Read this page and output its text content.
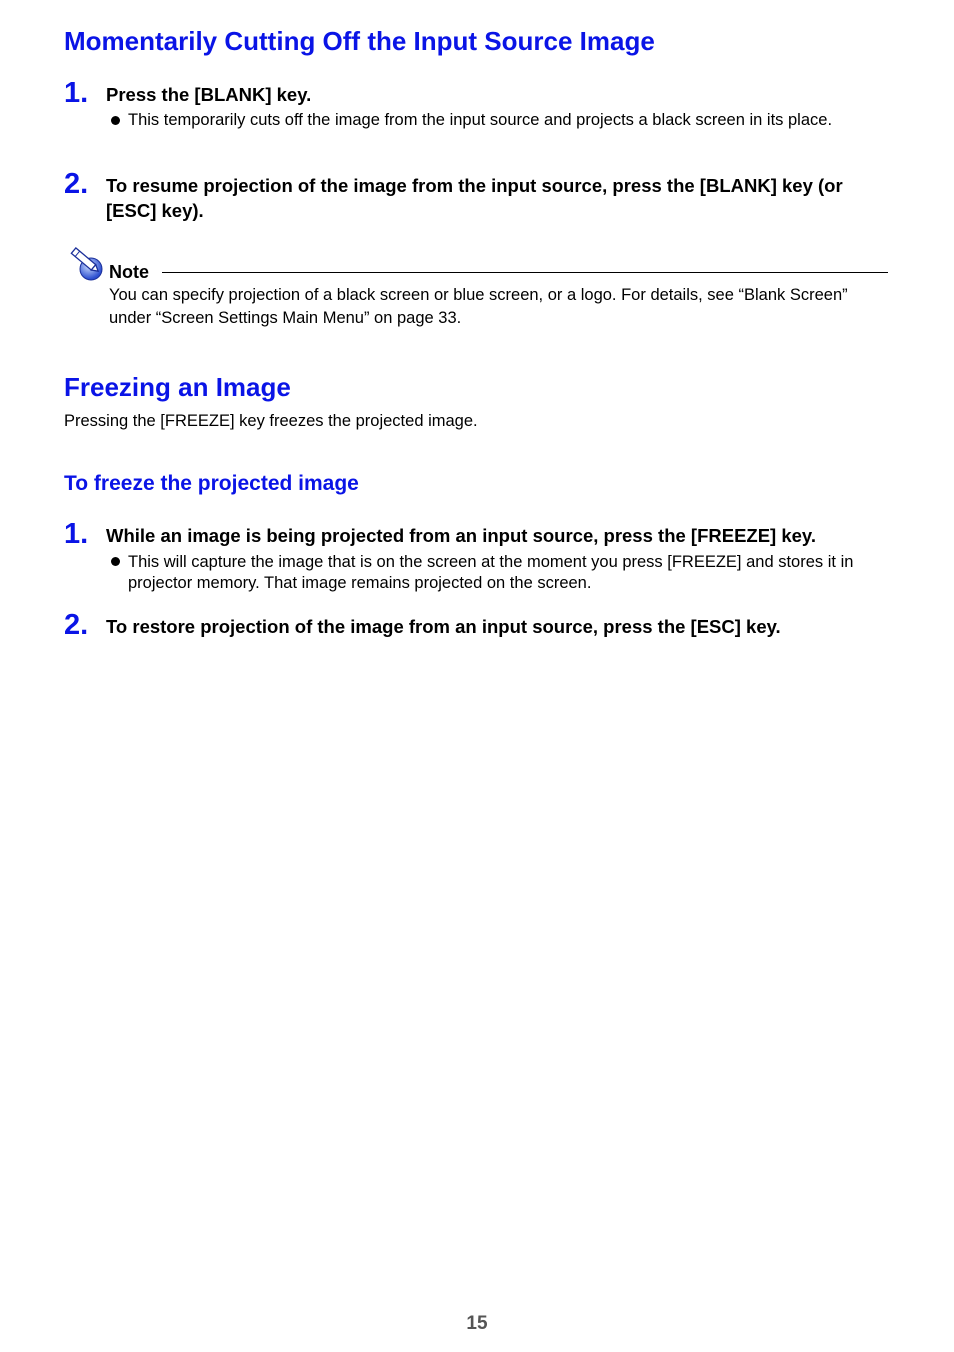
Momentarily Cutting Off the Input Source Image
1. Press the [BLANK] key.
This temporarily cuts off the image from the input source and projects a black screen in its place.
2. To resume projection of the image from the input source, press the [BLANK] key (or [ESC] key).
Note
You can specify projection of a black screen or blue screen, or a logo. For details, see “Blank Screen” under “Screen Settings Main Menu” on page 33.
Freezing an Image
Pressing the [FREEZE] key freezes the projected image.
To freeze the projected image
1. While an image is being projected from an input source, press the [FREEZE] key.
This will capture the image that is on the screen at the moment you press [FREEZE] and stores it in projector memory. That image remains projected on the screen.
2. To restore projection of the image from an input source, press the [ESC] key.
15
